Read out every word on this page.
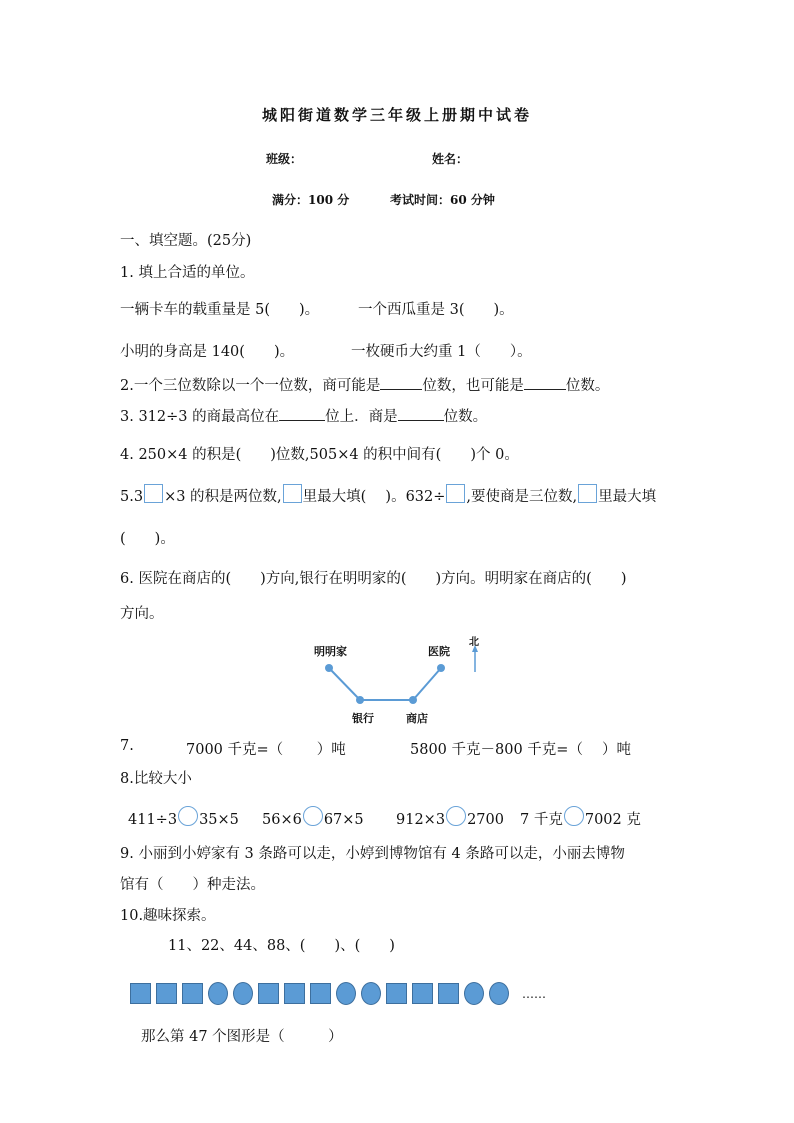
城阳街道数学三年级上册期中试卷
班级：	姓名：
满分：100 分	考试时间：60 分钟
一、填空题。(25分)
1. 填上合适的单位。
一辆卡车的载重量是 5(　　)。	一个西瓜重是 3(　　)。
小明的身高是 140(　　)。	一枚硬币大约重 1（　　）。
2.一个三位数除以一个一位数，商可能是	位数，也可能是	位数。
3. 312÷3 的商最高位在	位上．商是	位数。
4. 250×4 的积是(　　)位数,505×4 的积中间有(　　)个 0。
5.3 ×3 的积是两位数, 里最大填(　 )。632÷ ,要使商是三位数, 里最大填
(　　)。
6. 医院在商店的(　　)方向,银行在明明家的(　　)方向。明明家在商店的(　　)
方向。
明明家	医院
银行	商店
北
7.	7000 千克=（　　 ）吨	5800 千克－800 千克=（　 ）吨
8.比较大小
411÷3 35×5 56×6 67×5 912×3 2700 7 千克 7002 克
9. 小丽到小婷家有 3 条路可以走，小婷到博物馆有 4 条路可以走，小丽去博物
馆有（　　）种走法。
10.趣味探索。
11、22、44、88、(　　)、(　　)
……
那么第 47 个图形是（　　　）
